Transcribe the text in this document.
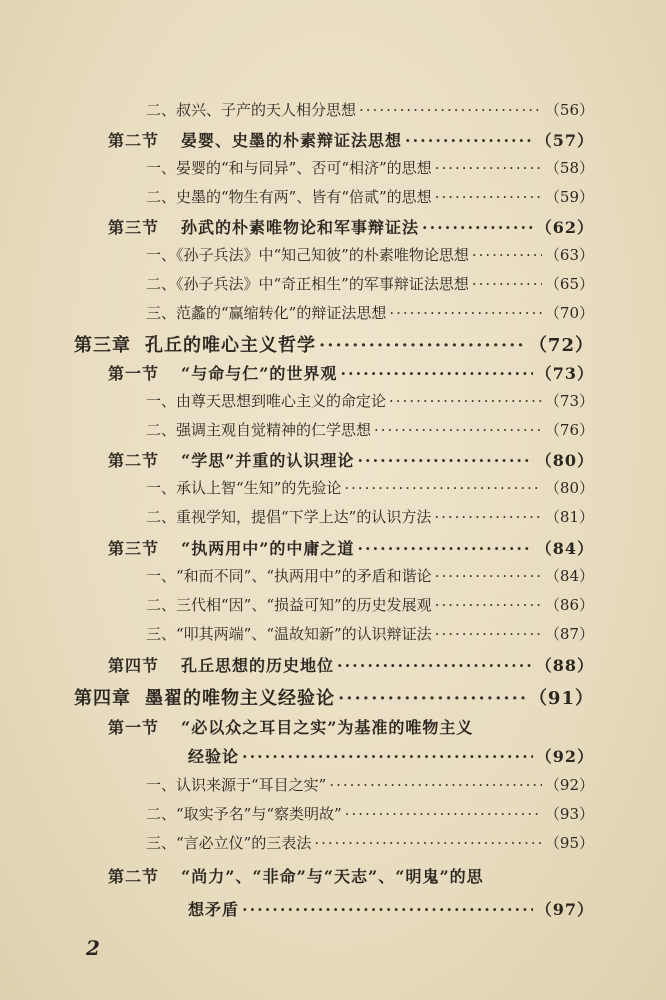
二、叔兴、子产的天人相分思想 ·····	（56）
第二节 晏婴、史墨的朴素辩证法思想 ·····	（57）
一、晏婴的“和与同异”、否可“相济”的思想 ·····	（58）
二、史墨的“物生有两”、皆有“倍贰”的思想 ·····	（59）
第三节 孙武的朴素唯物论和军事辩证法 ·····	（62）
一、《孙子兵法》中“知己知彼”的朴素唯物论思想 ·····	（63）
二、《孙子兵法》中“奇正相生”的军事辩证法思想 ·····	（65）
三、范蠡的“赢缩转化”的辩证法思想 ·····	（70）
第三章 孔丘的唯心主义哲学 ·····	（72）
第一节 “与命与仁”的世界观 ·····	（73）
一、由尊天思想到唯心主义的命定论 ·····	（73）
二、强调主观自觉精神的仁学思想 ·····	（76）
第二节 “学思”并重的认识理论 ·····	（80）
一、承认上智“生知”的先验论 ·····	（80）
二、重视学知，提倡“下学上达”的认识方法 ·····	（81）
第三节 “执两用中”的中庸之道 ·····	（84）
一、“和而不同”、“执两用中”的矛盾和谐论 ·····	（84）
二、三代相“因”、“损益可知”的历史发展观 ·····	（86）
三、“叩其两端”、“温故知新”的认识辩证法 ·····	（87）
第四节 孔丘思想的历史地位 ·····	（88）
第四章 墨翟的唯物主义经验论 ·····	（91）
第一节 “必以众之耳目之实”为基准的唯物主义
经验论 ·····	（92）
一、认识来源于“耳目之实” ·····	（92）
二、“取实予名”与“察类明故” ·····	（93）
三、“言必立仪”的三表法 ·····	（95）
第二节 “尚力”、“非命”与“天志”、“明鬼”的思
想矛盾 ·····	（97）
2
